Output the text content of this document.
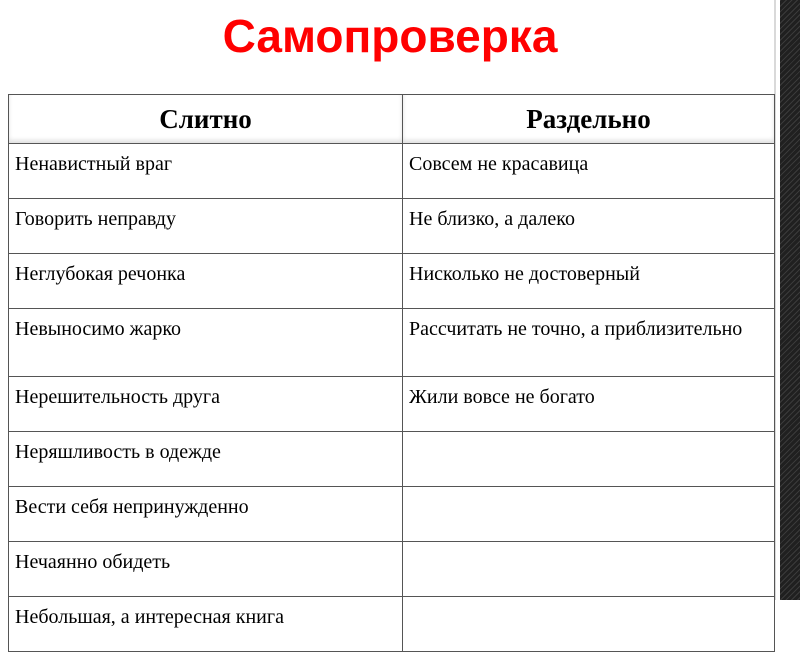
Самопроверка
Слитно	Раздельно
Ненавистный враг	Совсем не красавица
Говорить неправду	Не близко, а далеко
Неглубокая речонка	Нисколько не достоверный
Невыносимо жарко	Рассчитать не точно, а приблизительно
Нерешительность друга	Жили вовсе не богато
Неряшливость в одежде	
Вести себя непринужденно	
Нечаянно обидеть	
Небольшая, а интересная книга	
